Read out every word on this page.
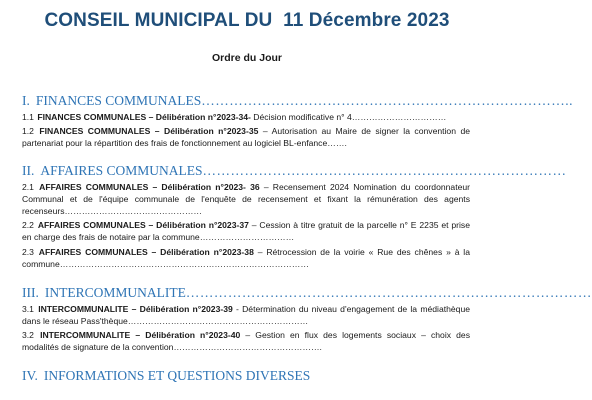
CONSEIL MUNICIPAL DU  11 Décembre 2023
Ordre du Jour
I. FINANCES COMMUNALES……………………………………………………………………..
1.1 FINANCES COMMUNALES – Délibération n°2023-34- Décision modificative n° 4……………………………
1.2 FINANCES COMMUNALES – Délibération n°2023-35 – Autorisation au Maire de signer la convention de partenariat pour la répartition des frais de fonctionnement au logiciel BL-enfance…….
II. AFFAIRES COMMUNALES……………………………………………………………………
2.1 AFFAIRES COMMUNALES – Délibération n°2023- 36 – Recensement 2024 Nomination du coordonnateur Communal et de l'équipe communale de l'enquête de recensement et fixant la rémunération des agents recenseurs…………………………………………
2.2 AFFAIRES COMMUNALES – Délibération n°2023-37 – Cession à titre gratuit de la parcelle n° E 2235 et prise en charge des frais de notaire par la commune……………………………
2.3 AFFAIRES COMMUNALES – Délibération n°2023-38 – Rétrocession de la voirie « Rue des chênes » à la commune……………………………………………………………………………
III. INTERCOMMUNALITE……………………………………………………………………………
3.1 INTERCOMMUNALITE – Délibération n°2023-39 - Détermination du niveau d'engagement de la médiathèque dans le réseau Pass'thèque………………………………………………………
3.2 INTERCOMMUNALITE – Délibération n°2023-40 – Gestion en flux des logements sociaux – choix des modalités de signature de la convention…………………………………………….
IV. INFORMATIONS ET QUESTIONS DIVERSES
